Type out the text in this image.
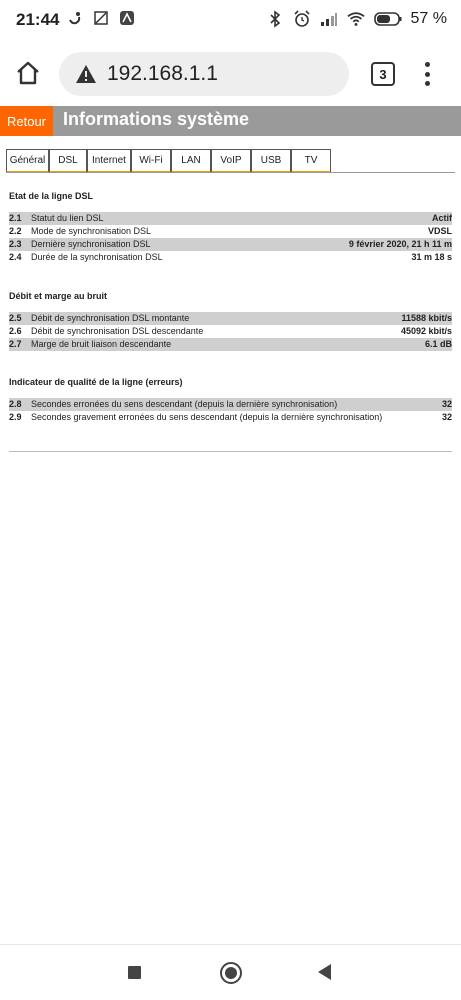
21:44	57 %
192.168.1.1	3
Retour Informations système
Général	DSL	Internet	Wi-Fi	LAN	VoIP	USB	TV
Etat de la ligne DSL
2.1 Statut du lien DSL	Actif
2.2 Mode de synchronisation DSL	VDSL
2.3 Dernière synchronisation DSL	9 février 2020, 21 h 11 m
2.4 Durée de la synchronisation DSL	31 m 18 s
Débit et marge au bruit
2.5 Débit de synchronisation DSL montante	11588 kbit/s
2.6 Débit de synchronisation DSL descendante	45092 kbit/s
2.7 Marge de bruit liaison descendante	6.1 dB
Indicateur de qualité de la ligne (erreurs)
2.8 Secondes erronées du sens descendant (depuis la dernière synchronisation)	32
2.9 Secondes gravement erronées du sens descendant (depuis la dernière synchronisation)	32
